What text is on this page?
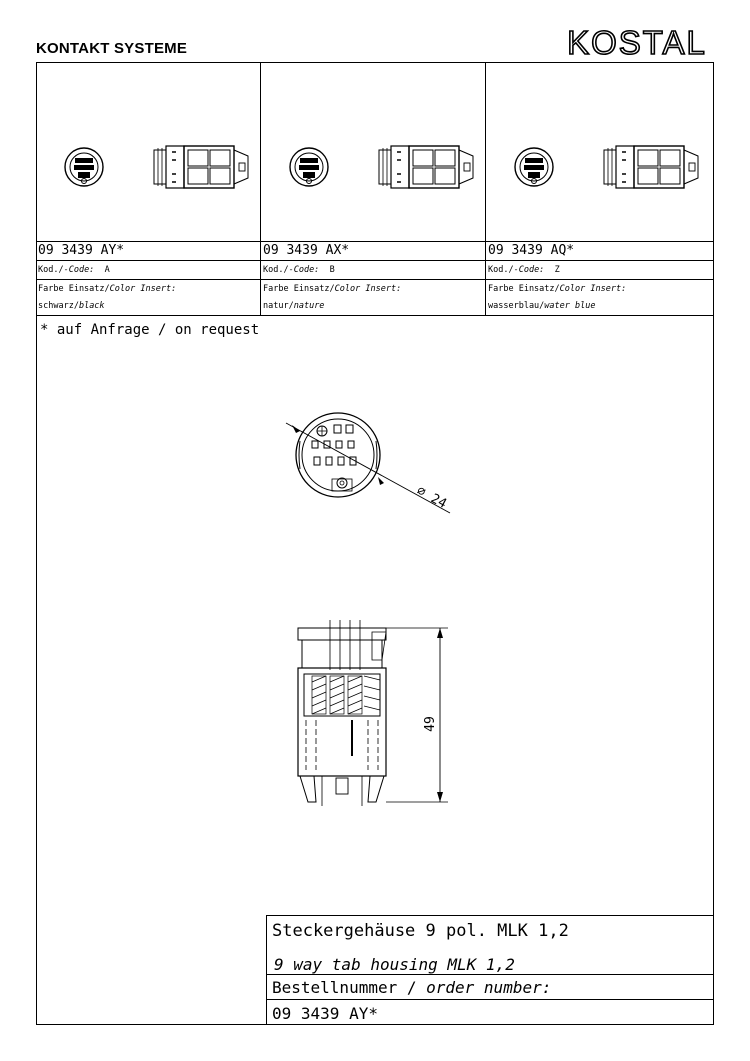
KONTAKT SYSTEME	KOSTAL
09 3439 AY*	09 3439 AX*	09 3439 AQ*
Kod./-Code: A	Kod./-Code: B	Kod./-Code: Z
Farbe Einsatz/Color Insert:	Farbe Einsatz/Color Insert:	Farbe Einsatz/Color Insert:
schwarz/black	natur/nature	wasserblau/water blue
* auf Anfrage / on request
⌀ 24
49
Steckergehäuse 9 pol. MLK 1,2
9 way tab housing MLK 1,2
Bestellnummer / order number:
09 3439 AY*
